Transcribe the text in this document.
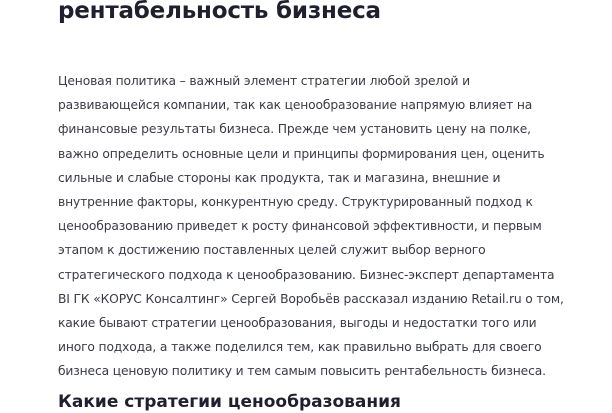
рентабельность бизнеса
Ценовая политика – важный элемент стратегии любой зрелой и
развивающейся компании, так как ценообразование напрямую влияет на
финансовые результаты бизнеса. Прежде чем установить цену на полке,
важно определить основные цели и принципы формирования цен, оценить
сильные и слабые стороны как продукта, так и магазина, внешние и
внутренние факторы, конкурентную среду. Структурированный подход к
ценообразованию приведет к росту финансовой эффективности, и первым
этапом к достижению поставленных целей служит выбор верного
стратегического подхода к ценообразованию. Бизнес-эксперт департамента
BI ГК «КОРУС Консалтинг» Сергей Воробьёв рассказал изданию Retail.ru о том,
какие бывают стратегии ценообразования, выгоды и недостатки того или
иного подхода, а также поделился тем, как правильно выбрать для своего
бизнеса ценовую политику и тем самым повысить рентабельность бизнеса.
Какие стратегии ценообразования
